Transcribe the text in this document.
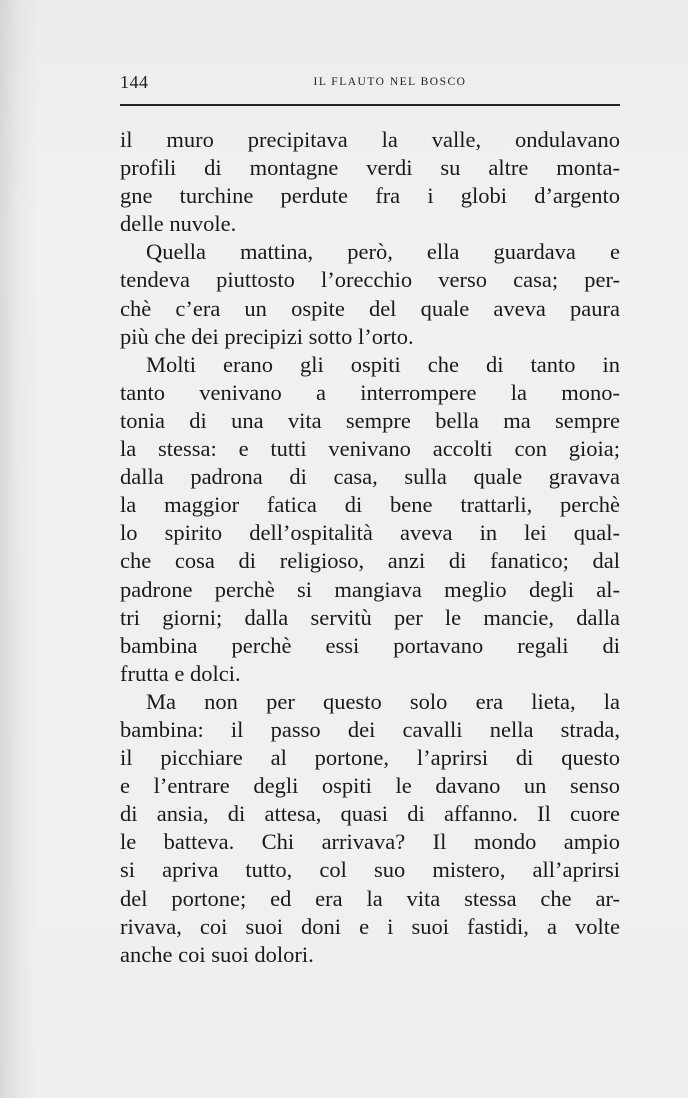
144	IL FLAUTO NEL BOSCO
il muro precipitava la valle, ondulavano
profili di montagne verdi su altre monta-
gne turchine perdute fra i globi d’argento
delle nuvole.
Quella mattina, però, ella guardava e
tendeva piuttosto l’orecchio verso casa; per-
chè c’era un ospite del quale aveva paura
più che dei precipizi sotto l’orto.
Molti erano gli ospiti che di tanto in
tanto venivano a interrompere la mono-
tonia di una vita sempre bella ma sempre
la stessa: e tutti venivano accolti con gioia;
dalla padrona di casa, sulla quale gravava
la maggior fatica di bene trattarli, perchè
lo spirito dell’ospitalità aveva in lei qual-
che cosa di religioso, anzi di fanatico; dal
padrone perchè si mangiava meglio degli al-
tri giorni; dalla servitù per le mancie, dalla
bambina perchè essi portavano regali di
frutta e dolci.
Ma non per questo solo era lieta, la
bambina: il passo dei cavalli nella strada,
il picchiare al portone, l’aprirsi di questo
e l’entrare degli ospiti le davano un senso
di ansia, di attesa, quasi di affanno. Il cuore
le batteva. Chi arrivava? Il mondo ampio
si apriva tutto, col suo mistero, all’aprirsi
del portone; ed era la vita stessa che ar-
rivava, coi suoi doni e i suoi fastidi, a volte
anche coi suoi dolori.
